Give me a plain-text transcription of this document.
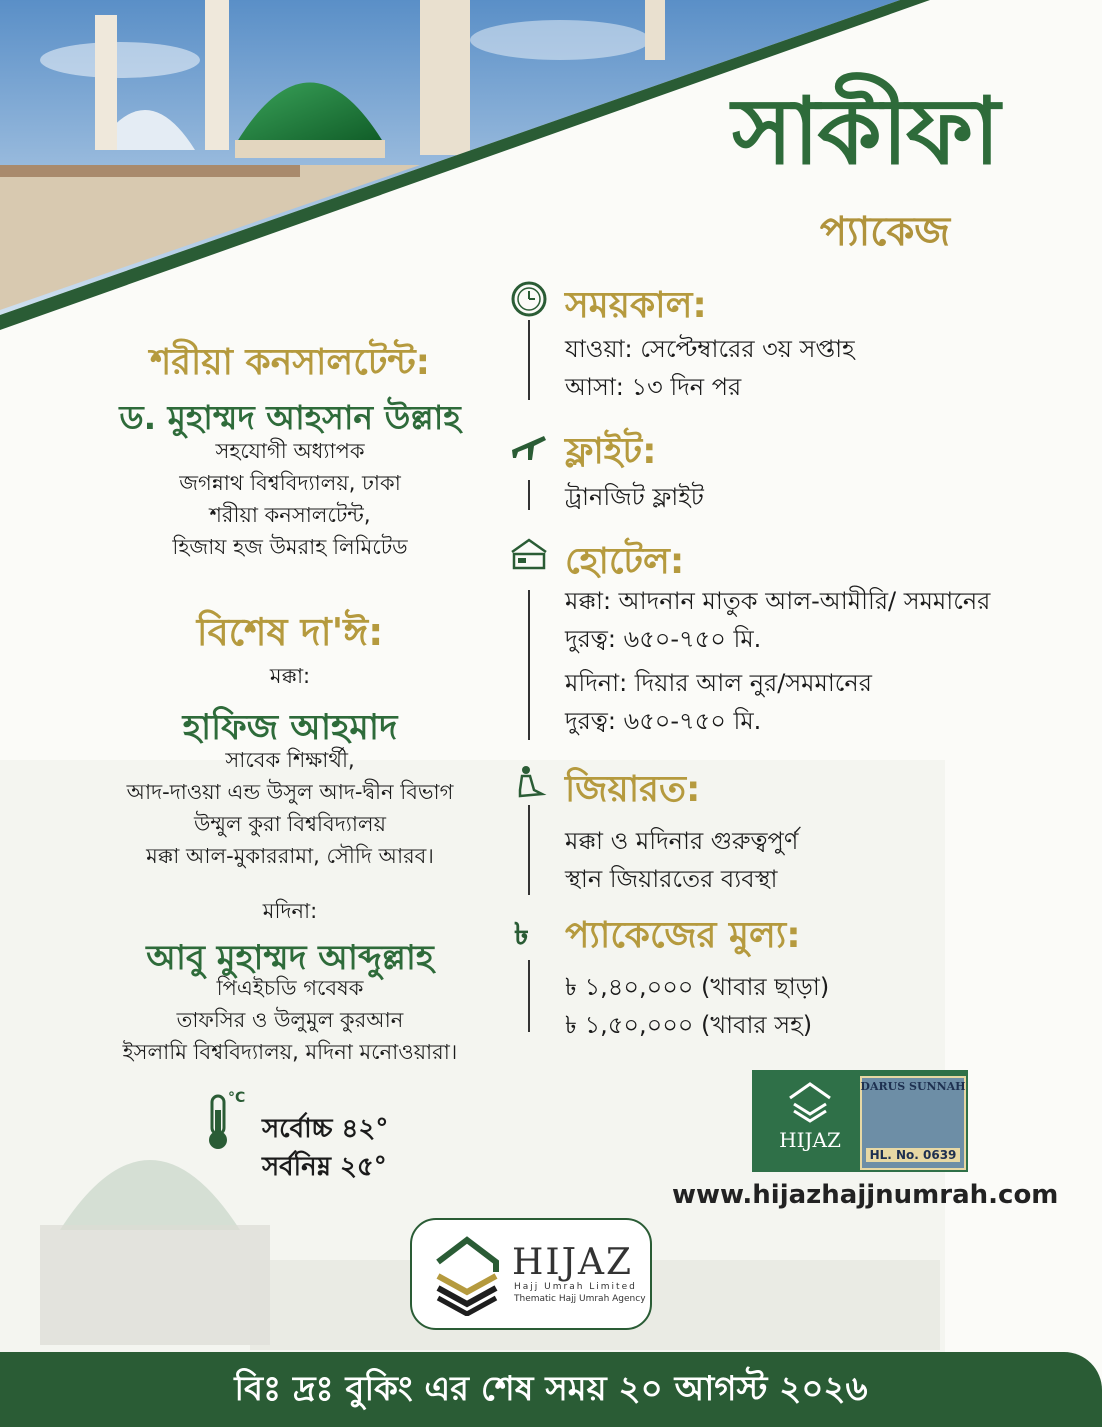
সাকীফা
প্যাকেজ
শরীয়া কনসালটেন্ট:
ড. মুহাম্মদ আহসান উল্লাহ
সহযোগী অধ্যাপক
জগন্নাথ বিশ্ববিদ্যালয়, ঢাকা
শরীয়া কনসালটেন্ট,
হিজায হজ উমরাহ লিমিটেড
বিশেষ দা'ঈ:
মক্কা:
হাফিজ আহমাদ
সাবেক শিক্ষার্থী,
আদ-দাওয়া এন্ড উসুল আদ-দ্বীন বিভাগ
উম্মুল কুরা বিশ্ববিদ্যালয়
মক্কা আল-মুকাররামা, সৌদি আরব।
মদিনা:
আবু মুহাম্মদ আব্দুল্লাহ
পিএইচডি গবেষক
তাফসির ও উলুমুল কুরআন
ইসলামি বিশ্ববিদ্যালয়, মদিনা মনোওয়ারা।
°C
সর্বোচ্চ ৪২°
সর্বনিম্ন ২৫°
সময়কাল:
যাওয়া: সেপ্টেম্বারের ৩য় সপ্তাহ
আসা: ১৩ দিন পর
ফ্লাইট:
ট্রানজিট ফ্লাইট
হোটেল:
মক্কা: আদনান মাতুক আল-আমীরি/ সমমানের
দুরত্ব: ৬৫০-৭৫০ মি.
মদিনা: দিয়ার আল নুর/সমমানের
দুরত্ব: ৬৫০-৭৫০ মি.
জিয়ারত:
মক্কা ও মদিনার গুরুত্বপুর্ণ
স্থান জিয়ারতের ব্যবস্থা
৳ প্যাকেজের মুল্য:
৳ ১,৪০,০০০ (খাবার ছাড়া)
৳ ১,৫০,০০০ (খাবার সহ)
HIJAZ
DARUS SUNNAH
HL. No. 0639
www.hijazhajjnumrah.com
HIJAZ
Hajj Umrah Limited
Thematic Hajj Umrah Agency
বিঃ দ্রঃ বুকিং এর শেষ সময় ২০ আগস্ট ২০২৬
